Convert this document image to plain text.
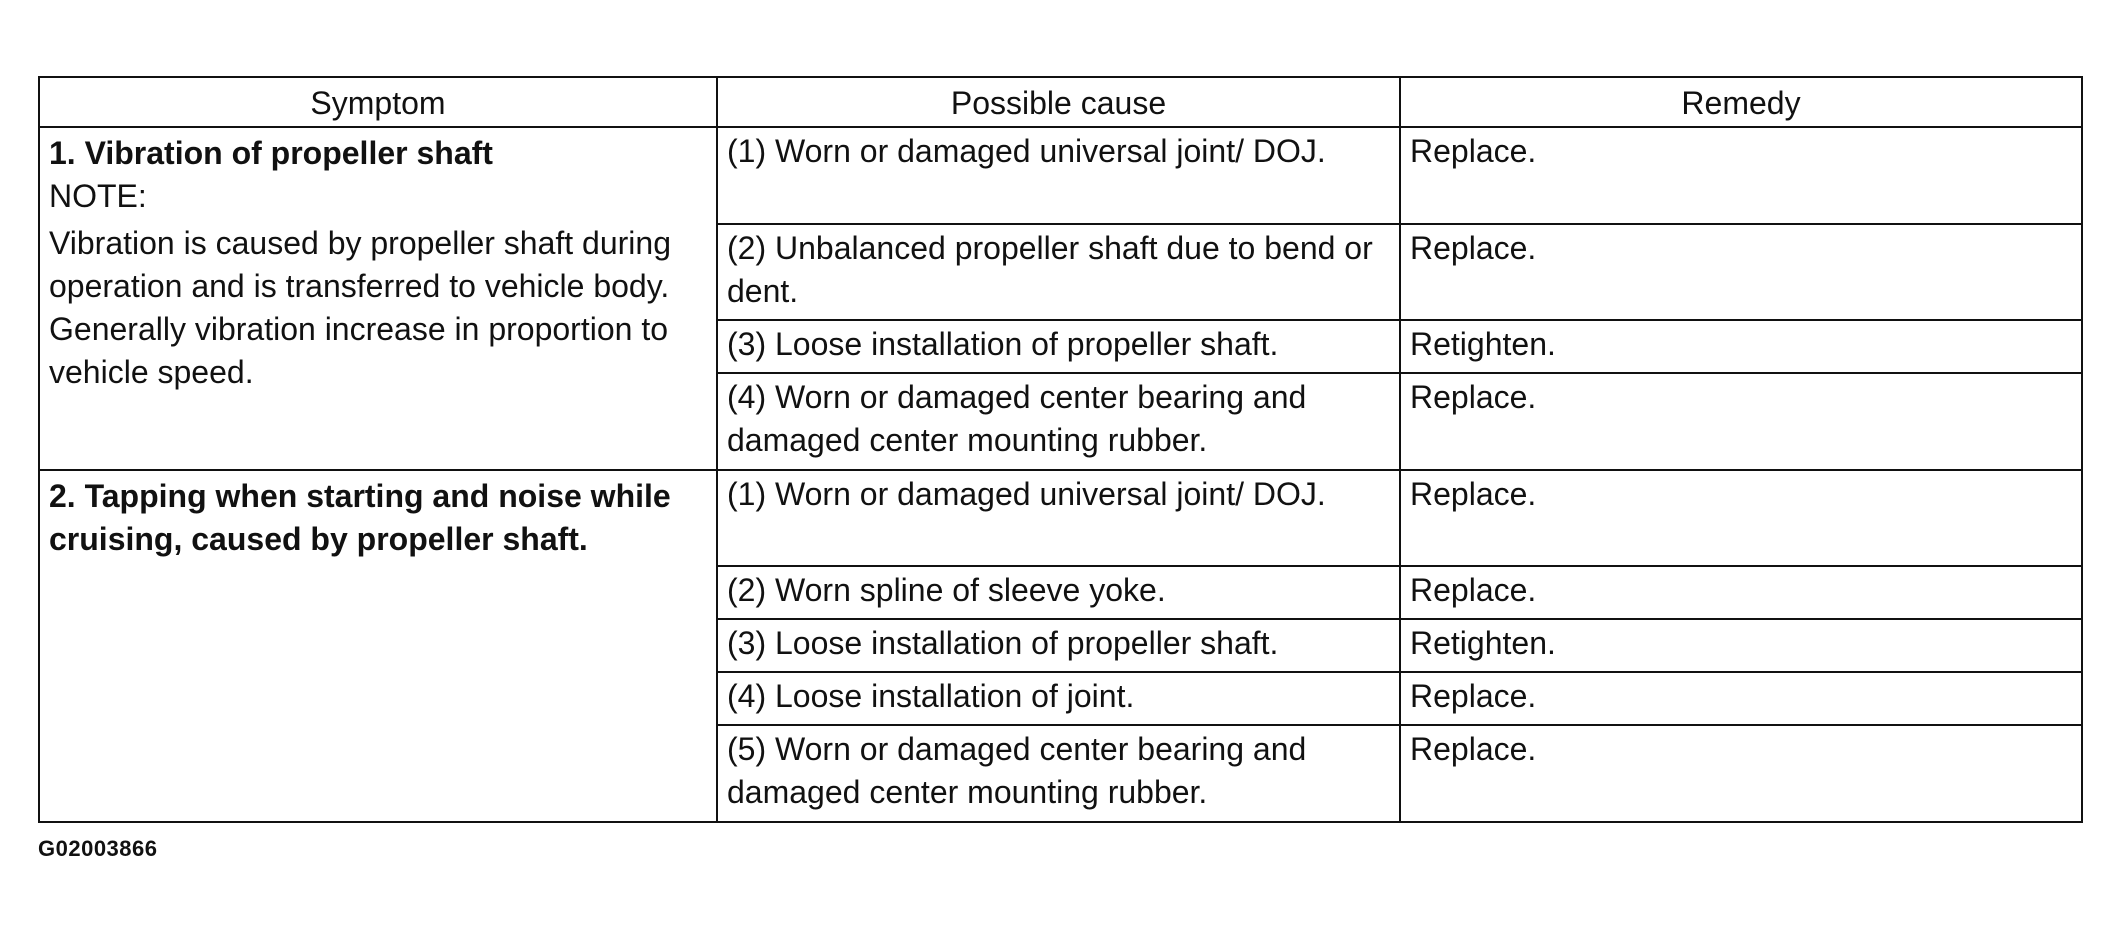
Symptom	Possible cause	Remedy

1. Vibration of propeller shaft
NOTE:
Vibration is caused by propeller shaft during operation and is transferred to vehicle body. Generally vibration increase in proportion to vehicle speed.	(1) Worn or damaged universal joint/ DOJ.	Replace.
	(2) Unbalanced propeller shaft due to bend or dent.	Replace.
	(3) Loose installation of propeller shaft.	Retighten.
	(4) Worn or damaged center bearing and damaged center mounting rubber.	Replace.

2. Tapping when starting and noise while cruising, caused by propeller shaft.	(1) Worn or damaged universal joint/ DOJ.	Replace.
	(2) Worn spline of sleeve yoke.	Replace.
	(3) Loose installation of propeller shaft.	Retighten.
	(4) Loose installation of joint.	Replace.
	(5) Worn or damaged center bearing and damaged center mounting rubber.	Replace.
G02003866
